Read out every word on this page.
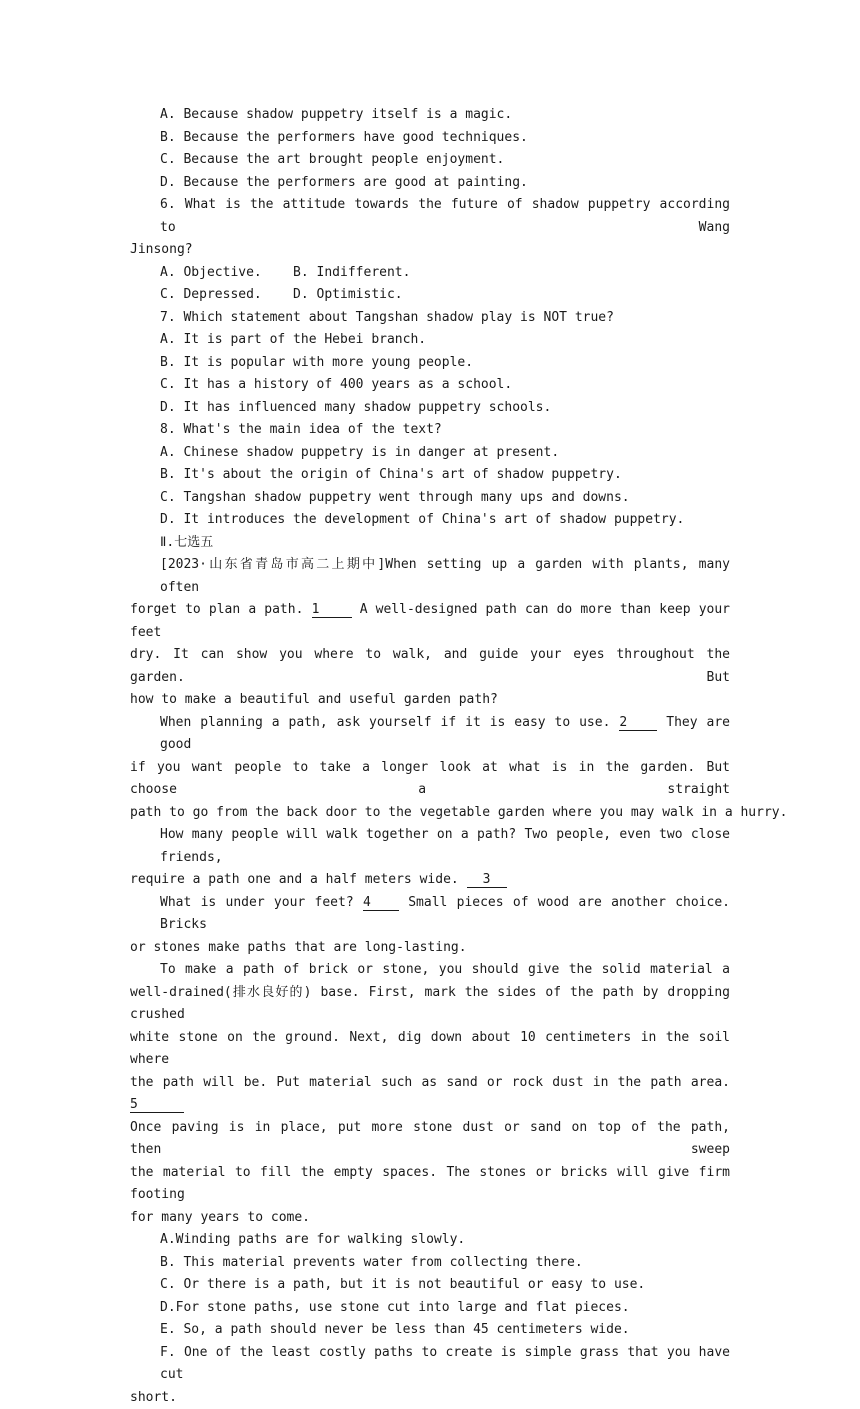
A. Because shadow puppetry itself is a magic.
B. Because the performers have good techniques.
C. Because the art brought people enjoyment.
D. Because the performers are good at painting.
6. What is the attitude towards the future of shadow puppetry according to Wang
Jinsong?
A. Objective.    B. Indifferent.
C. Depressed.    D. Optimistic.
7. Which statement about Tangshan shadow play is NOT true?
A. It is part of the Hebei branch.
B. It is popular with more young people.
C. It has a history of 400 years as a school.
D. It has influenced many shadow puppetry schools.
8. What's the main idea of the text?
A. Chinese shadow puppetry is in danger at present.
B. It's about the origin of China's art of shadow puppetry.
C. Tangshan shadow puppetry went through many ups and downs.
D. It introduces the development of China's art of shadow puppetry.
Ⅱ.七选五
[2023·山东省青岛市高二上期中]When setting up a garden with plants, many often
forget to plan a path. 1 A well-designed path can do more than keep your feet
dry. It can show you where to walk, and guide your eyes throughout the garden. But
how to make a beautiful and useful garden path?
When planning a path, ask yourself if it is easy to use. 2 They are good
if you want people to take a longer look at what is in the garden. But choose a straight
path to go from the back door to the vegetable garden where you may walk in a hurry.
How many people will walk together on a path? Two people, even two close friends,
require a path one and a half meters wide. 3
What is under your feet? 4 Small pieces of wood are another choice. Bricks
or stones make paths that are long-lasting.
To make a path of brick or stone, you should give the solid material a
well-drained(排水良好的) base. First, mark the sides of the path by dropping crushed
white stone on the ground. Next, dig down about 10 centimeters in the soil where
the path will be. Put material such as sand or rock dust in the path area. 5
Once paving is in place, put more stone dust or sand on top of the path, then sweep
the material to fill the empty spaces. The stones or bricks will give firm footing
for many years to come.
A.Winding paths are for walking slowly.
B. This material prevents water from collecting there.
C. Or there is a path, but it is not beautiful or easy to use.
D.For stone paths, use stone cut into large and flat pieces.
E. So, a path should never be less than 45 centimeters wide.
F. One of the least costly paths to create is simple grass that you have cut
short.
